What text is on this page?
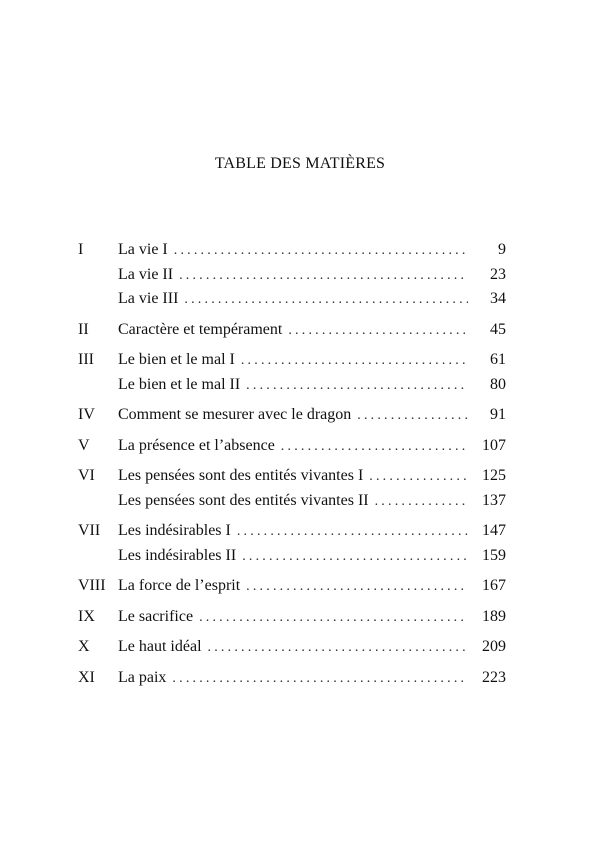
TABLE DES MATIÈRES
I	La vie I .....	9
La vie II .....	23
La vie III .....	34
II	Caractère et tempérament .....	45
III	Le bien et le mal I .....	61
Le bien et le mal II .....	80
IV	Comment se mesurer avec le dragon .....	91
V	La présence et l’absence .....	107
VI	Les pensées sont des entités vivantes I .....	125
Les pensées sont des entités vivantes II .....	137
VII	Les indésirables I .....	147
Les indésirables II .....	159
VIII La force de l’esprit .....	167
IX	Le sacrifice .....	189
X	Le haut idéal .....	209
XI	La paix .....	223
